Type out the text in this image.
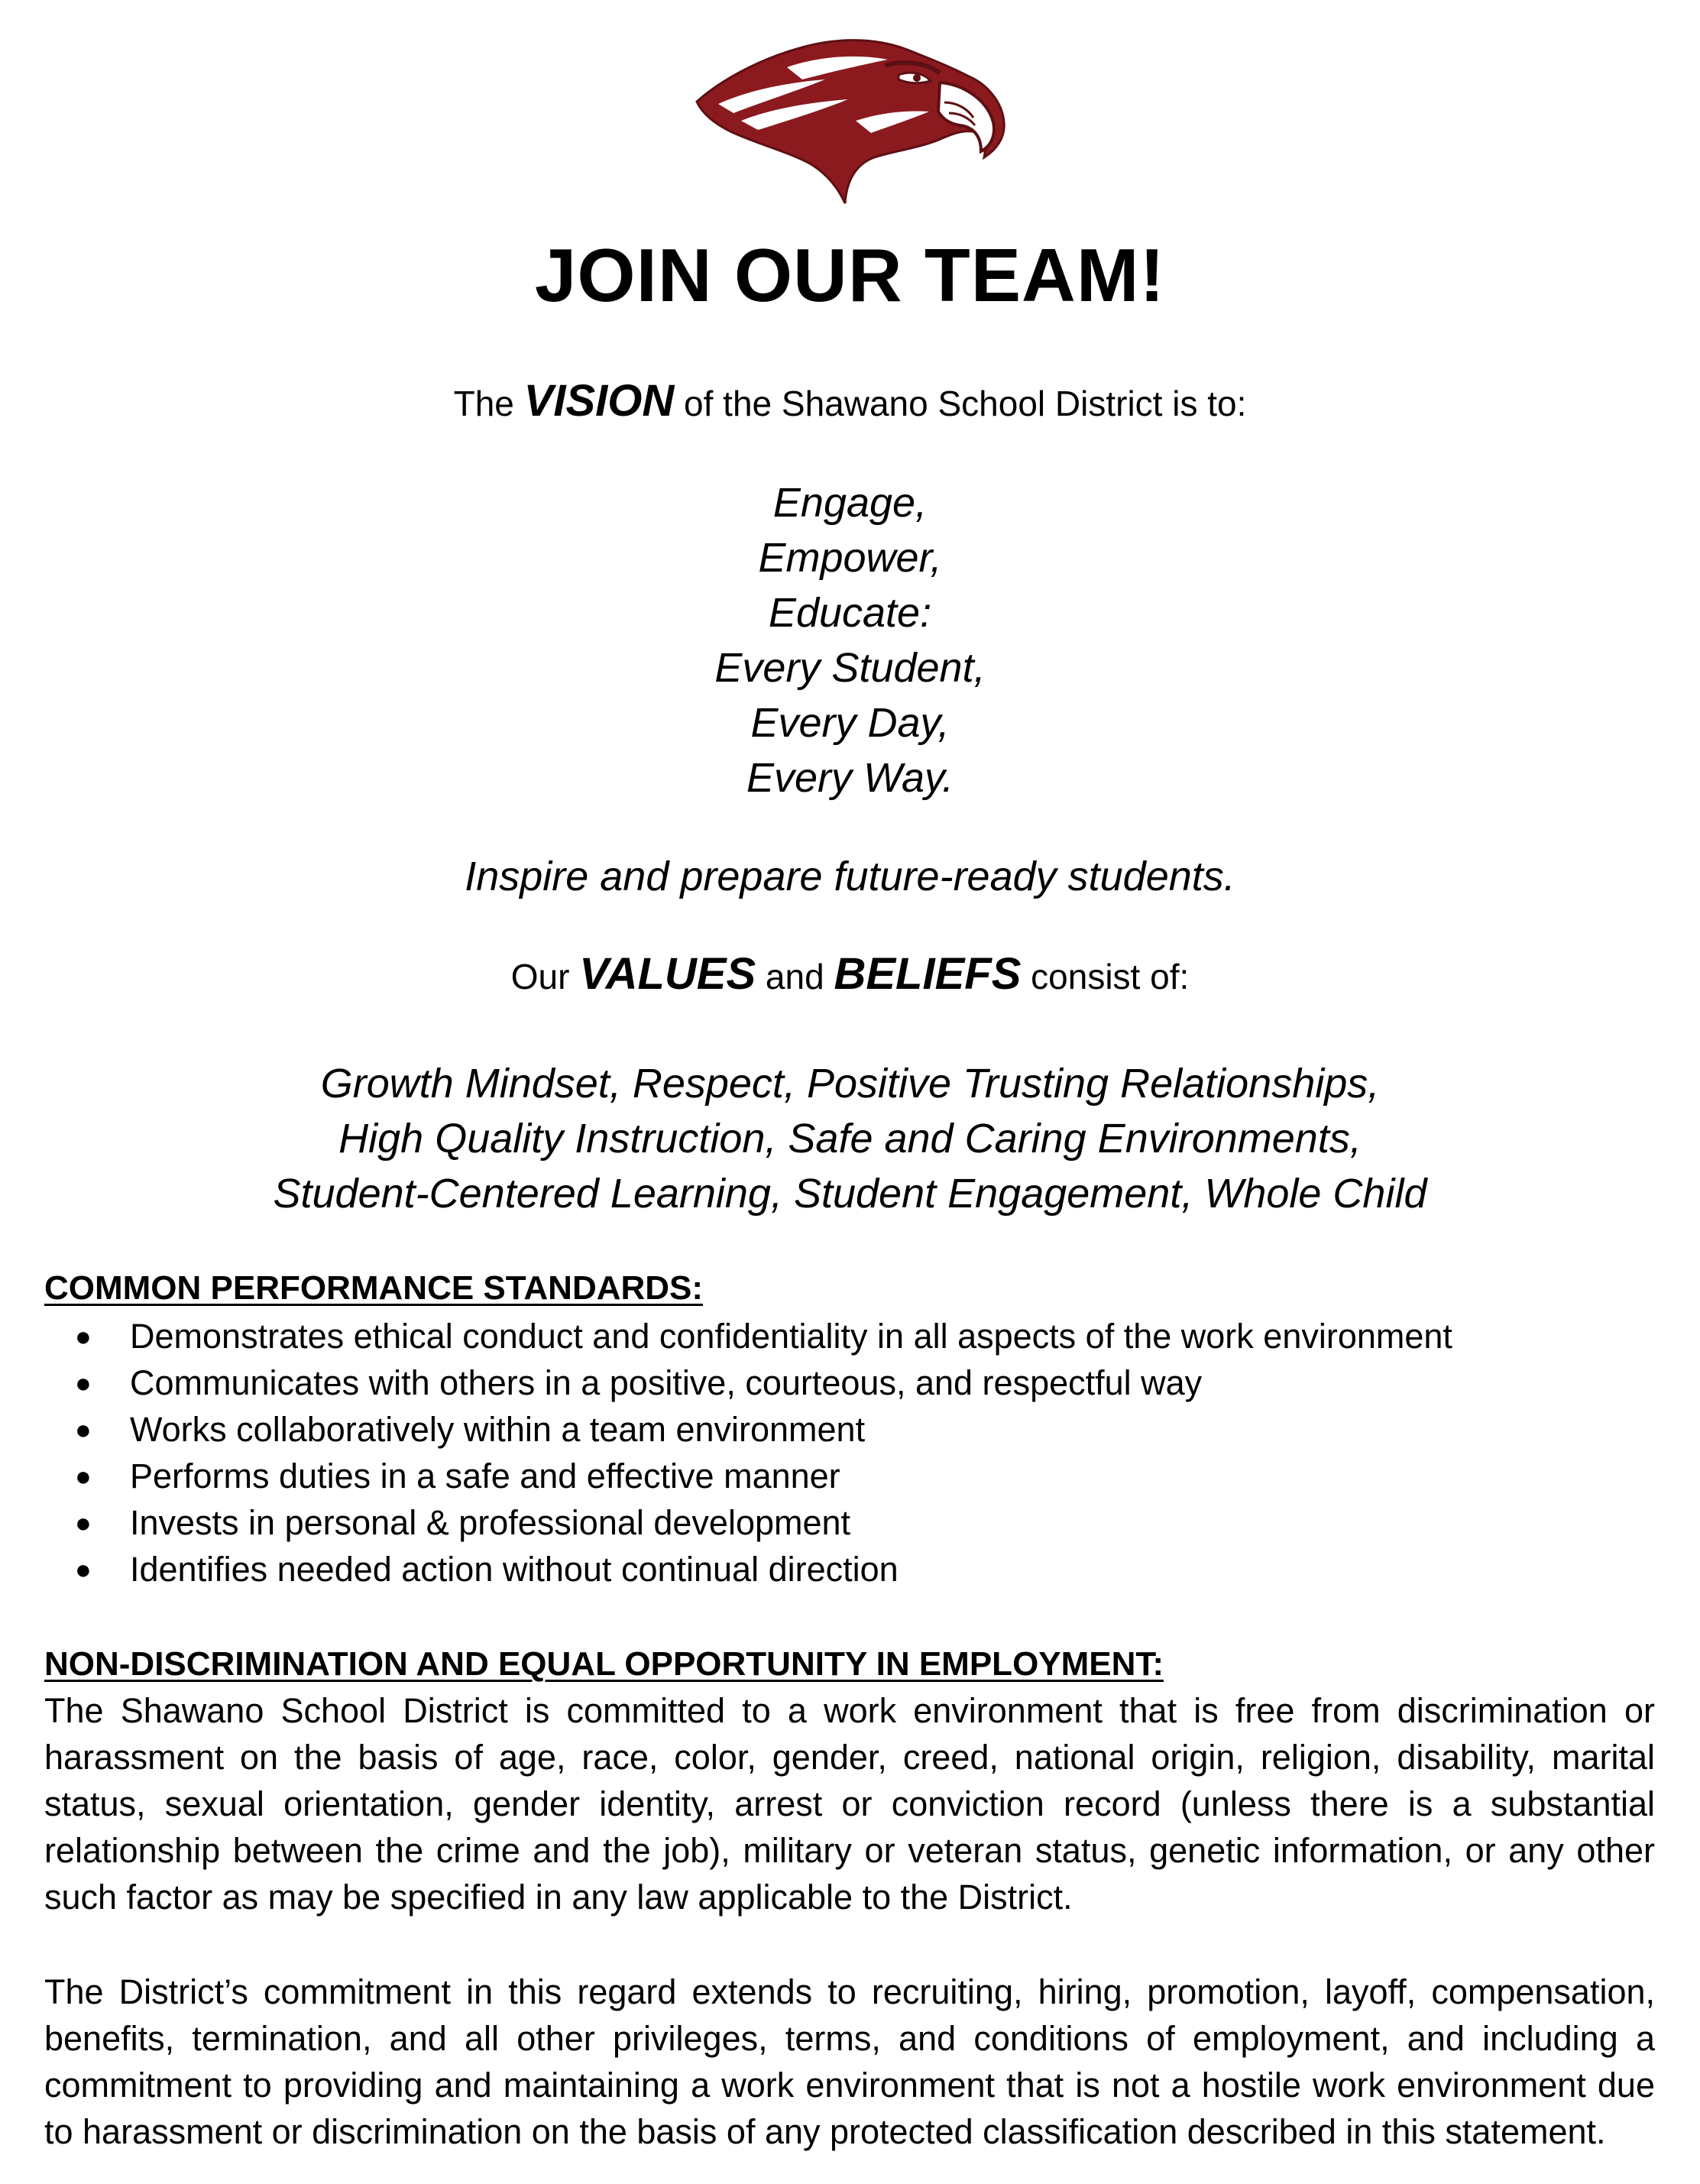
JOIN OUR TEAM!
The VISION of the Shawano School District is to:
Engage,
Empower,
Educate:
Every Student,
Every Day,
Every Way.
Inspire and prepare future-ready students.
Our VALUES and BELIEFS consist of:
Growth Mindset, Respect, Positive Trusting Relationships,
High Quality Instruction, Safe and Caring Environments,
Student-Centered Learning, Student Engagement, Whole Child
COMMON PERFORMANCE STANDARDS:
● Demonstrates ethical conduct and confidentiality in all aspects of the work environment
● Communicates with others in a positive, courteous, and respectful way
● Works collaboratively within a team environment
● Performs duties in a safe and effective manner
● Invests in personal & professional development
● Identifies needed action without continual direction
NON-DISCRIMINATION AND EQUAL OPPORTUNITY IN EMPLOYMENT:
The Shawano School District is committed to a work environment that is free from discrimination or harassment on the basis of age, race, color, gender, creed, national origin, religion, disability, marital status, sexual orientation, gender identity, arrest or conviction record (unless there is a substantial relationship between the crime and the job), military or veteran status, genetic information, or any other such factor as may be specified in any law applicable to the District.
The District’s commitment in this regard extends to recruiting, hiring, promotion, layoff, compensation, benefits, termination, and all other privileges, terms, and conditions of employment, and including a commitment to providing and maintaining a work environment that is not a hostile work environment due to harassment or discrimination on the basis of any protected classification described in this statement.
